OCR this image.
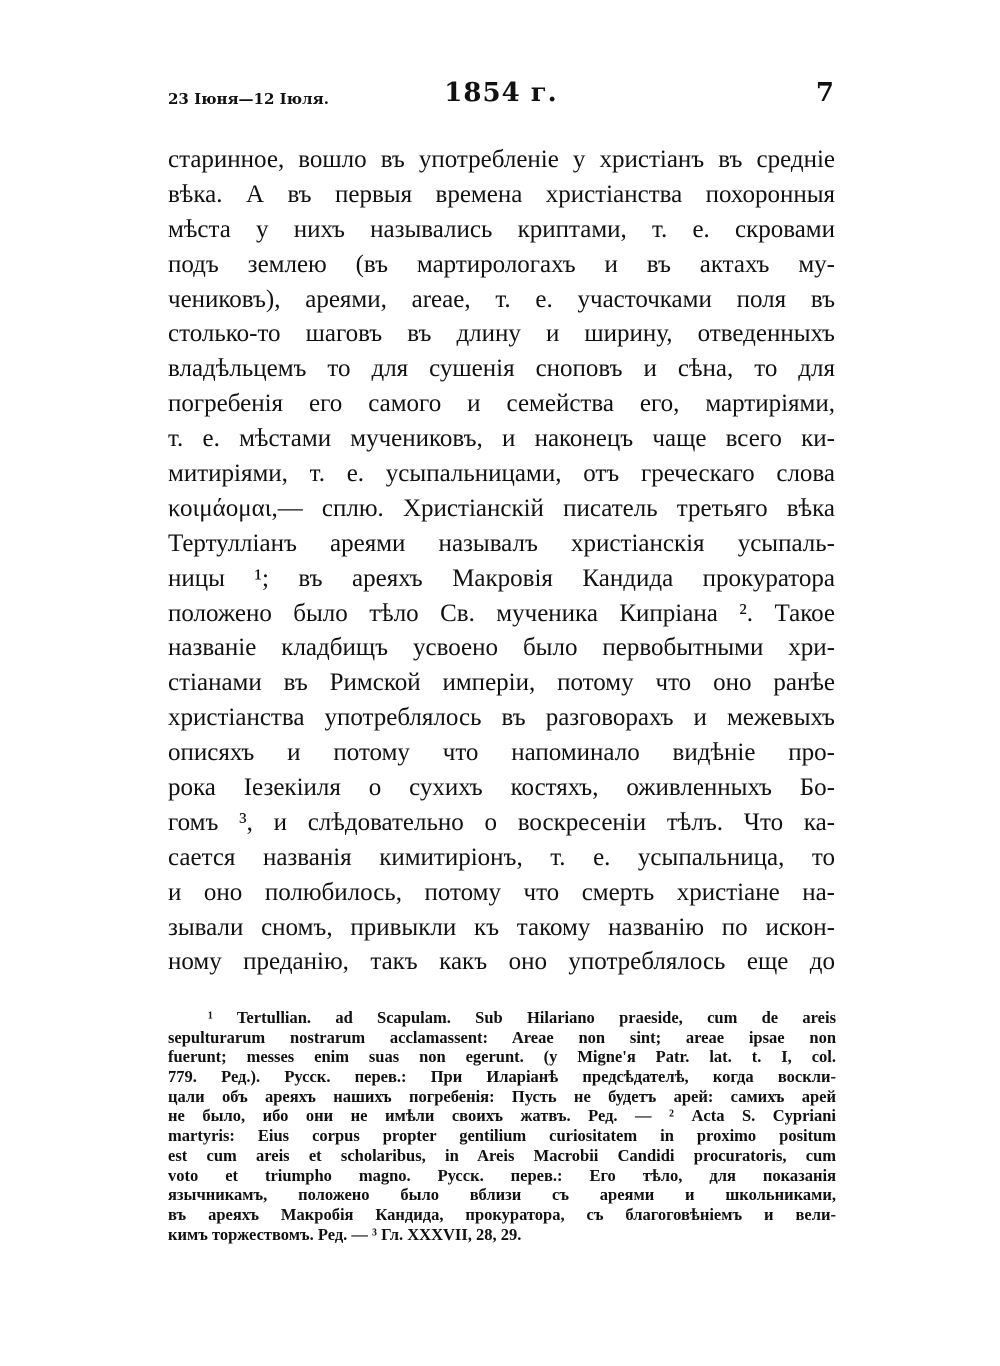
23 Іюня—12 Іюля.	1854 г.	7
старинное, вошло въ употребленіе у христіанъ въ средніе
вѣка. А въ первыя времена христіанства похоронныя
мѣста у нихъ назывались криптами, т. е. скровами
подъ землею (въ мартирологахъ и въ актахъ му-
чениковъ), ареями, areae, т. е. участочками поля въ
столько-то шаговъ въ длину и ширину, отведенныхъ
владѣльцемъ то для сушенія сноповъ и сѣна, то для
погребенія его самого и семейства его, мартиріями,
т. е. мѣстами мучениковъ, и наконецъ чаще всего ки-
митиріями, т. е. усыпальницами, отъ греческаго слова
κοιμάομαι,— сплю. Христіанскій писатель третьяго вѣка
Тертулліанъ ареями называлъ христіанскія усыпаль-
ницы ¹; въ ареяхъ Макровія Кандида прокуратора
положено было тѣло Св. мученика Кипріана ². Такое
названіе кладбищъ усвоено было первобытными хри-
стіанами въ Римской имперіи, потому что оно ранѣе
христіанства употреблялось въ разговорахъ и межевыхъ
описяхъ и потому что напоминало видѣніе про-
рока Іезекіиля о сухихъ костяхъ, оживленныхъ Бо-
гомъ ³, и слѣдовательно о воскресеніи тѣлъ. Что ка-
сается названія кимитиріонъ, т. е. усыпальница, то
и оно полюбилось, потому что смерть христіане на-
зывали сномъ, привыкли къ такому названію по искон-
ному преданію, такъ какъ оно употреблялось еще до
¹ Tertullian. ad Scapulam. Sub Hilariano praeside, cum de areis
sepulturarum nostrarum acclamassent: Areae non sint; areae ipsae non
fuerunt; messes enim suas non egerunt. (у Migne'я Patr. lat. t. I, col.
779. Ред.). Русск. перев.: При Иларіанѣ предсѣдателѣ, когда воскли-
цали объ ареяхъ нашихъ погребенія: Пусть не будетъ арей: самихъ арей
не было, ибо они не имѣли своихъ жатвъ. Ред. — ² Acta S. Cypriani
martyris: Eius corpus propter gentilium curiositatem in proximo positum
est cum areis et scholaribus, in Areis Macrobii Candidi procuratoris, cum
voto et triumpho magno. Русск. перев.: Его тѣло, для показанія
язычникамъ, положено было вблизи съ ареями и школьниками,
въ ареяхъ Макробія Кандида, прокуратора, съ благоговѣніемъ и вели-
кимъ торжествомъ. Ред. — ³ Гл. XXXVII, 28, 29.
